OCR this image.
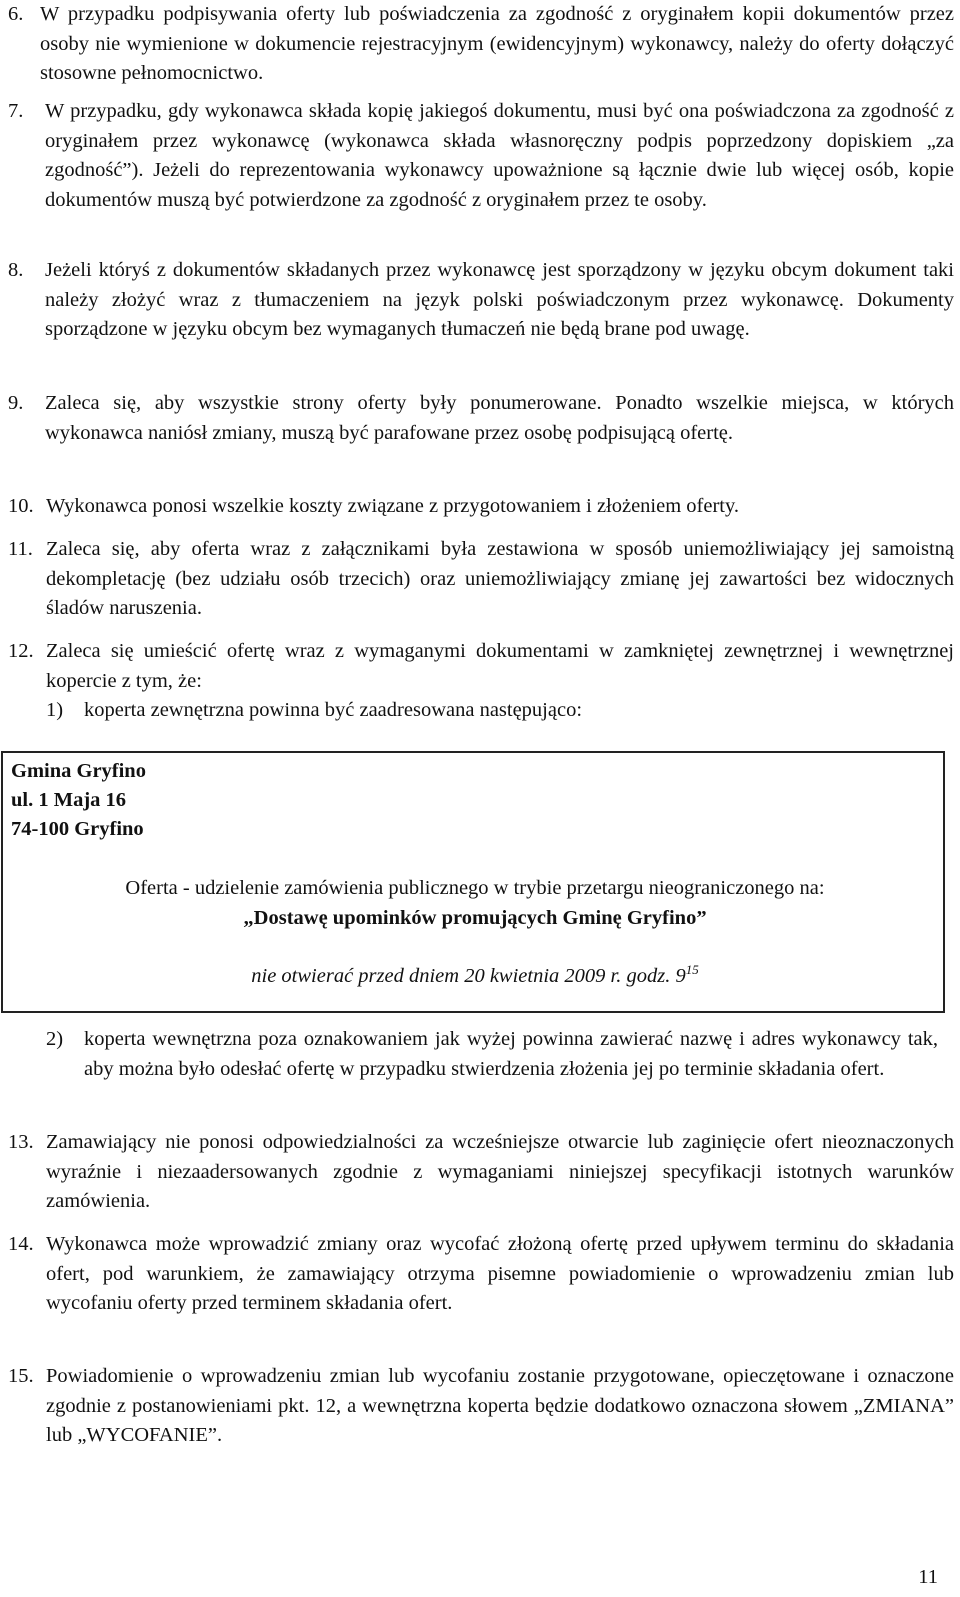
6. W przypadku podpisywania oferty lub poświadczenia za zgodność z oryginałem kopii dokumentów przez osoby nie wymienione w dokumencie rejestracyjnym (ewidencyjnym) wykonawcy, należy do oferty dołączyć stosowne pełnomocnictwo.
7.	W przypadku, gdy wykonawca składa kopię jakiegoś dokumentu, musi być ona poświadczona za zgodność z oryginałem przez wykonawcę (wykonawca składa własnoręczny podpis poprzedzony dopiskiem „za zgodność”). Jeżeli do reprezentowania wykonawcy upoważnione są łącznie dwie lub więcej osób, kopie dokumentów muszą być potwierdzone za zgodność z oryginałem przez te osoby.
8.	Jeżeli któryś z dokumentów składanych przez wykonawcę jest sporządzony w języku obcym dokument taki należy złożyć wraz z tłumaczeniem na język polski poświadczonym przez wykonawcę. Dokumenty sporządzone w języku obcym bez wymaganych tłumaczeń nie będą brane pod uwagę.
9.	Zaleca się, aby wszystkie strony oferty były ponumerowane. Ponadto wszelkie miejsca, w których wykonawca naniósł zmiany, muszą być parafowane przez osobę podpisującą ofertę.
10. Wykonawca ponosi wszelkie koszty związane z przygotowaniem i złożeniem oferty.
11. Zaleca się, aby oferta wraz z załącznikami była zestawiona w sposób uniemożliwiający jej samoistną dekompletację (bez udziału osób trzecich) oraz uniemożliwiający zmianę jej zawartości bez widocznych śladów naruszenia.
12. Zaleca się umieścić ofertę wraz z wymaganymi dokumentami w zamkniętej zewnętrznej i wewnętrznej kopercie z tym, że:
1)	koperta zewnętrzna powinna być zaadresowana następująco:
Gmina Gryfino
ul. 1 Maja 16
74-100 Gryfino
Oferta - udzielenie zamówienia publicznego w trybie przetargu nieograniczonego na:
„Dostawę upominków promujących Gminę Gryfino”
nie otwierać przed dniem 20 kwietnia 2009 r. godz. $9^{15}$
2)	koperta wewnętrzna poza oznakowaniem jak wyżej powinna zawierać nazwę i adres wykonawcy tak, aby można było odesłać ofertę w przypadku stwierdzenia złożenia jej po terminie składania ofert.
13. Zamawiający nie ponosi odpowiedzialności za wcześniejsze otwarcie lub zaginięcie ofert nieoznaczonych wyraźnie i niezaadersowanych zgodnie z wymaganiami niniejszej specyfikacji istotnych warunków zamówienia.
14. Wykonawca może wprowadzić zmiany oraz wycofać złożoną ofertę przed upływem terminu do składania ofert, pod warunkiem, że zamawiający otrzyma pisemne powiadomienie o wprowadzeniu zmian lub wycofaniu oferty przed terminem składania ofert.
15. Powiadomienie o wprowadzeniu zmian lub wycofaniu zostanie przygotowane, opieczętowane i oznaczone zgodnie z postanowieniami pkt. 12, a wewnętrzna koperta będzie dodatkowo oznaczona słowem „ZMIANA” lub „WYCOFANIE”.
11
